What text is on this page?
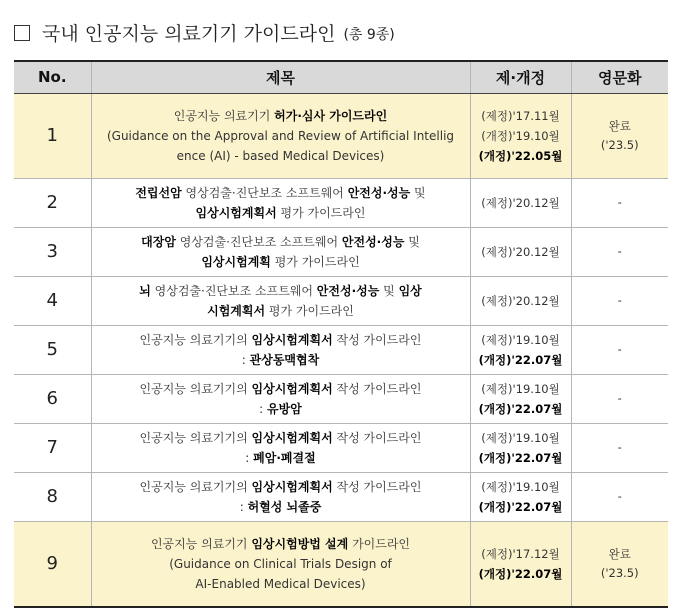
국내 인공지능 의료기기 가이드라인 (총 9종)
No.	제목	제·개정	영문화
1	인공지능 의료기기 허가·심사 가이드라인
(Guidance on the Approval and Review of Artificial Intellig
ence (AI) - based Medical Devices)	(제정)'17.11월
(개정)'19.10월
(개정)'22.05월	완료
('23.5)

2	전립선암 영상검출·진단보조 소프트웨어 안전성·성능 및
임상시험계획서 평가 가이드라인	(제정)'20.12월	-

3	대장암 영상검출·진단보조 소프트웨어 안전성·성능 및
임상시험계획 평가 가이드라인	(제정)'20.12월	-

4	뇌 영상검출·진단보조 소프트웨어 안전성·성능 및 임상
시험계획서 평가 가이드라인	(제정)'20.12월	-

5	인공지능 의료기기의 임상시험계획서 작성 가이드라인
: 관상동맥협착	(제정)'19.10월
(개정)'22.07월	-

6	인공지능 의료기기의 임상시험계획서 작성 가이드라인
: 유방암	(제정)'19.10월
(개정)'22.07월	-

7	인공지능 의료기기의 임상시험계획서 작성 가이드라인
: 폐암·폐결절	(제정)'19.10월
(개정)'22.07월	-

8	인공지능 의료기기의 임상시험계획서 작성 가이드라인
: 허혈성 뇌졸중	(제정)'19.10월
(개정)'22.07월	-

9	인공지능 의료기기 임상시험방법 설계 가이드라인
(Guidance on Clinical Trials Design of
AI-Enabled Medical Devices)	(제정)'17.12월
(개정)'22.07월	완료
('23.5)
